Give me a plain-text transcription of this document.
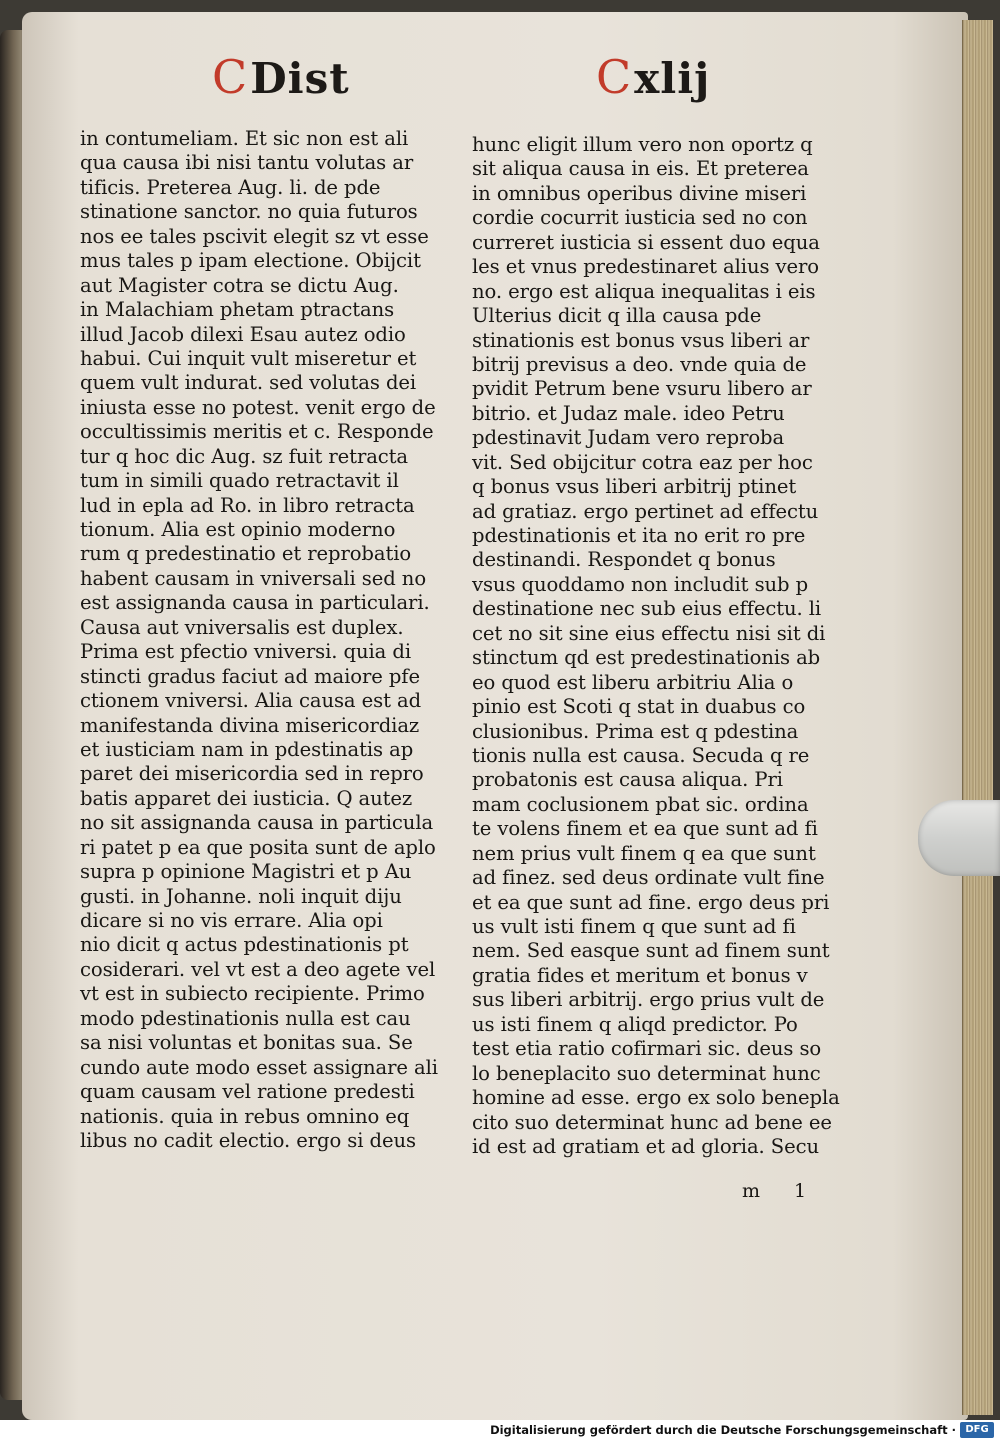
CDist	Cxlij
in contumeliam. Et sic non est ali
qua causa ibi nisi tantu volutas ar
tificis. Preterea Aug. li. de pde
stinatione sanctor. no quia futuros
nos ee tales pscivit elegit sz vt esse
mus tales p ipam electione. Obijcit
aut Magister cotra se dictu Aug.
in Malachiam phetam ptractans
illud Jacob dilexi Esau autez odio
habui. Cui inquit vult miseretur et
quem vult indurat. sed volutas dei
iniusta esse no potest. venit ergo de
occultissimis meritis et c. Responde
tur q hoc dic Aug. sz fuit retracta
tum in simili quado retractavit il
lud in epla ad Ro. in libro retracta
tionum. Alia est opinio moderno
rum q predestinatio et reprobatio
habent causam in vniversali sed no
est assignanda causa in particulari.
Causa aut vniversalis est duplex.
Prima est pfectio vniversi. quia di
stincti gradus faciut ad maiore pfe
ctionem vniversi. Alia causa est ad
manifestanda divina misericordiaz
et iusticiam nam in pdestinatis ap
paret dei misericordia sed in repro
batis apparet dei iusticia. Q autez
no sit assignanda causa in particula
ri patet p ea que posita sunt de aplo
supra p opinione Magistri et p Au
gusti. in Johanne. noli inquit diju
dicare si no vis errare. Alia opi
nio dicit q actus pdestinationis pt
cosiderari. vel vt est a deo agete vel
vt est in subiecto recipiente. Primo
modo pdestinationis nulla est cau
sa nisi voluntas et bonitas sua. Se
cundo aute modo esset assignare ali
quam causam vel ratione predesti
nationis. quia in rebus omnino eq
libus no cadit electio. ergo si deus
hunc eligit illum vero non oportz q
sit aliqua causa in eis. Et preterea
in omnibus operibus divine miseri
cordie cocurrit iusticia sed no con
curreret iusticia si essent duo equa
les et vnus predestinaret alius vero
no. ergo est aliqua inequalitas i eis
Ulterius dicit q illa causa pde
stinationis est bonus vsus liberi ar
bitrij previsus a deo. vnde quia de
pvidit Petrum bene vsuru libero ar
bitrio. et Judaz male. ideo Petru
pdestinavit Judam vero reproba
vit. Sed obijcitur cotra eaz per hoc
q bonus vsus liberi arbitrij ptinet
ad gratiaz. ergo pertinet ad effectu
pdestinationis et ita no erit ro pre
destinandi. Respondet q bonus
vsus quoddamo non includit sub p
destinatione nec sub eius effectu. li
cet no sit sine eius effectu nisi sit di
stinctum qd est predestinationis ab
eo quod est liberu arbitriu Alia o
pinio est Scoti q stat in duabus co
clusionibus. Prima est q pdestina
tionis nulla est causa. Secuda q re
probatonis est causa aliqua. Pri
mam coclusionem pbat sic. ordina
te volens finem et ea que sunt ad fi
nem prius vult finem q ea que sunt
ad finez. sed deus ordinate vult fine
et ea que sunt ad fine. ergo deus pri
us vult isti finem q que sunt ad fi
nem. Sed easque sunt ad finem sunt
gratia fides et meritum et bonus v
sus liberi arbitrij. ergo prius vult de
us isti finem q aliqd predictor. Po
test etia ratio cofirmari sic. deus so
lo beneplacito suo determinat hunc
homine ad esse. ergo ex solo benepla
cito suo determinat hunc ad bene ee
id est ad gratiam et ad gloria. Secu
m 1
Digitalisierung gefördert durch die Deutsche Forschungsgemeinschaft · DFG
